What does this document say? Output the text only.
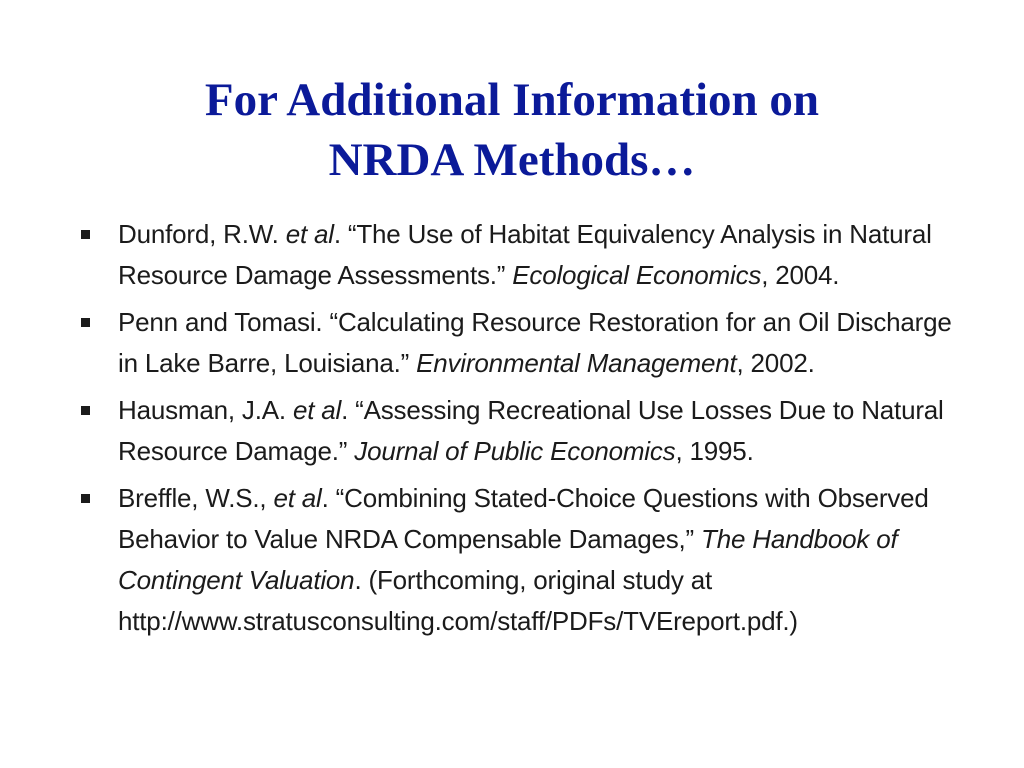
For Additional Information on
NRDA Methods…
Dunford, R.W. et al. “The Use of Habitat Equivalency Analysis in Natural Resource Damage Assessments.” Ecological Economics, 2004.
Penn and Tomasi. “Calculating Resource Restoration for an Oil Discharge in Lake Barre, Louisiana.” Environmental Management, 2002.
Hausman, J.A. et al. “Assessing Recreational Use Losses Due to Natural Resource Damage.” Journal of Public Economics, 1995.
Breffle, W.S., et al. “Combining Stated-Choice Questions with Observed Behavior to Value NRDA Compensable Damages,” The Handbook of Contingent Valuation. (Forthcoming, original study at http://www.stratusconsulting.com/staff/PDFs/TVEreport.pdf.)
